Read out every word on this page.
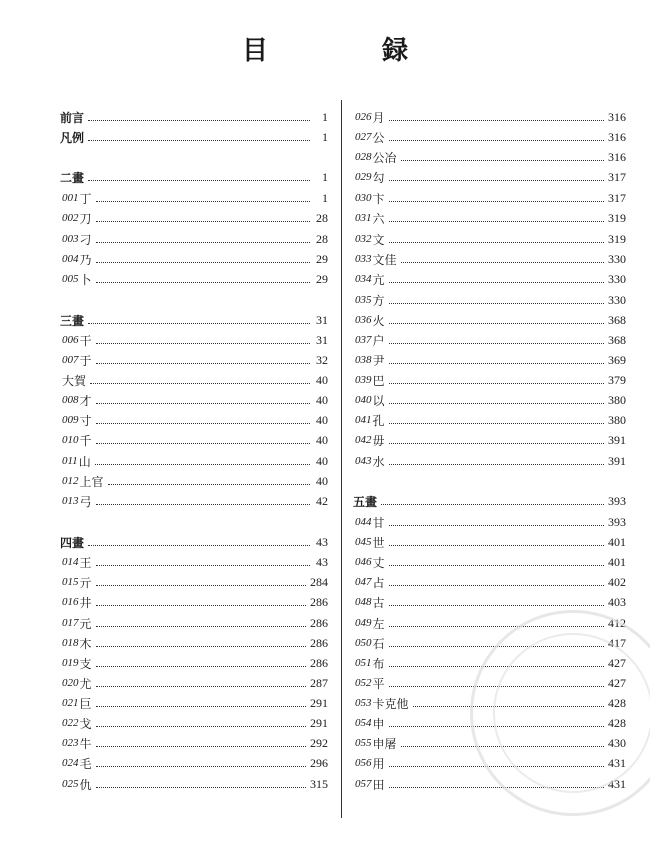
目　録
前言	1
凡例	1
二畫	1
001 丁	1
002 刀	28
003 刁	28
004 乃	29
005 卜	29
三畫	31
006 干	31
007 于	32
大賀	40
008 才	40
009 寸	40
010 千	40
011 山	40
012 上官	40
013 弓	42
四畫	43
014 王	43
015 亓	284
016 井	286
017 元	286
018 木	286
019 支	286
020 尤	287
021 巨	291
022 戈	291
023 牛	292
024 毛	296
025 仇	315
026 月	316
027 公	316
028 公冶	316
029 勾	317
030 卞	317
031 六	319
032 文	319
033 文佳	330
034 亢	330
035 方	330
036 火	368
037 户	368
038 尹	369
039 巴	379
040 以	380
041 孔	380
042 毋	391
043 水	391
五畫	393
044 甘	393
045 世	401
046 丈	401
047 占	402
048 古	403
049 左	412
050 石	417
051 布	427
052 平	427
053 卡克他	428
054 申	428
055 申屠	430
056 用	431
057 田	431
